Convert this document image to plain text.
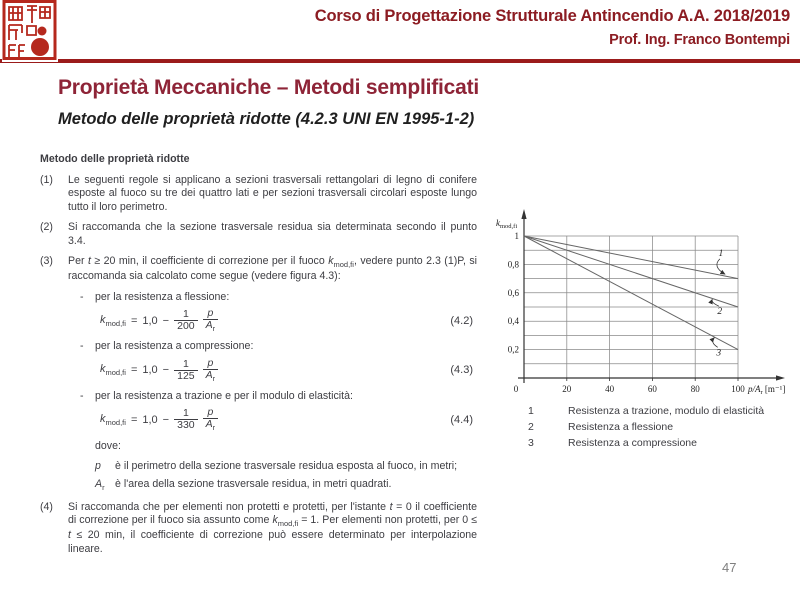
Corso di Progettazione Strutturale Antincendio A.A. 2018/2019
Prof. Ing. Franco Bontempi
Proprietà Meccaniche – Metodi semplificati
Metodo delle proprietà ridotte (4.2.3 UNI EN 1995-1-2)
Metodo delle proprietà ridotte
(1)	Le seguenti regole si applicano a sezioni trasversali rettangolari di legno di conifere esposte al fuoco su tre dei quattro lati e per sezioni trasversali circolari esposte lungo tutto il loro perimetro.
(2)	Si raccomanda che la sezione trasversale residua sia determinata secondo il punto 3.4.
(3)	Per t ≥ 20 min, il coefficiente di correzione per il fuoco $k_{mod,fi}$, vedere punto 2.3 (1)P, si raccomanda sia calcolato come segue (vedere figura 4.3):
-	per la resistenza a flessione:
$k_{mod,fi} = 1,0 - \frac{1}{200} \frac{p}{A_r}$	(4.2)
-	per la resistenza a compressione:
$k_{mod,fi} = 1,0 - \frac{1}{125} \frac{p}{A_r}$	(4.3)
-	per la resistenza a trazione e per il modulo di elasticità:
$k_{mod,fi} = 1,0 - \frac{1}{330} \frac{p}{A_r}$	(4.4)
dove:
p	è il perimetro della sezione trasversale residua esposta al fuoco, in metri;
$A_r$ è l'area della sezione trasversale residua, in metri quadrati.
(4)	Si raccomanda che per elementi non protetti e protetti, per l'istante t = 0 il coefficiente di correzione per il fuoco sia assunto come $k_{mod,fi} = 1$. Per elementi non protetti, per 0 ≤ t ≤ 20 min, il coefficiente di correzione può essere determinato per interpolazione lineare.
1
0,8
0,6
0,4
0,2
0	20	40	60	80	100
$k_{mod,fi}$
$p/A_r$ [m⁻¹]
1
2
3
1	Resistenza a trazione, modulo di elasticità
2	Resistenza a flessione
3	Resistenza a compressione
47
